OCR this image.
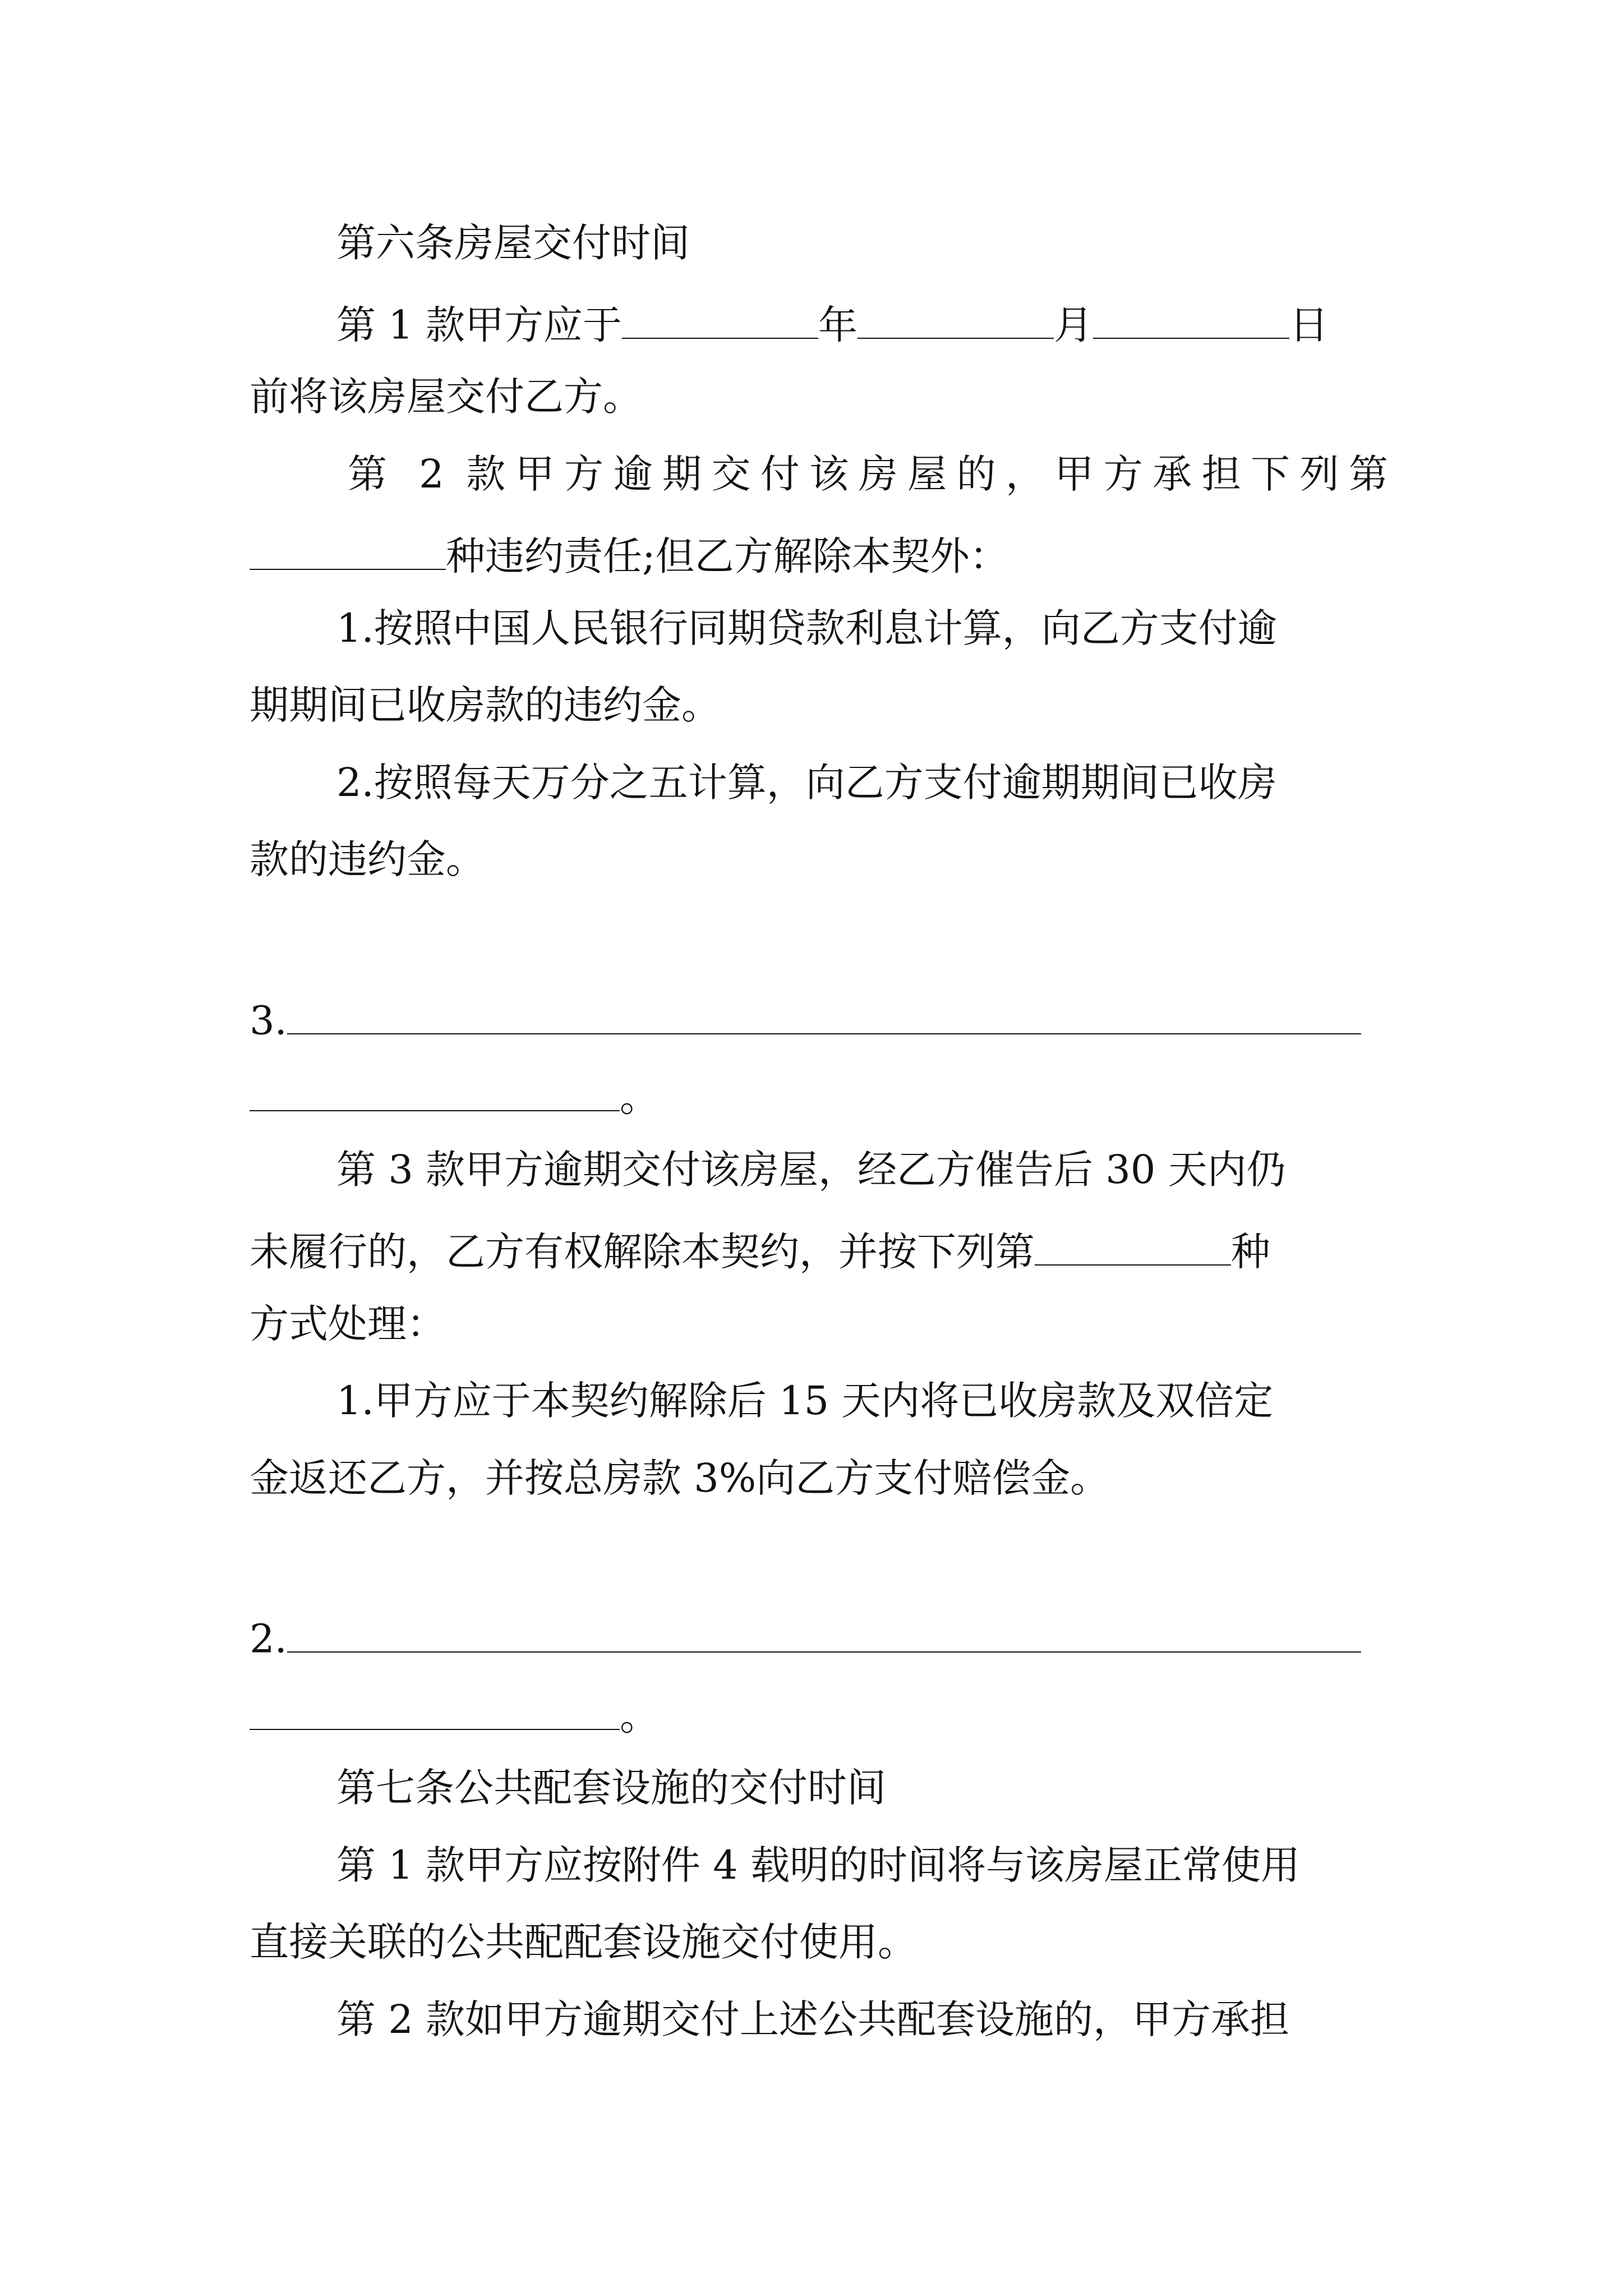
第六条房屋交付时间
第 1 款甲方应于	年	月	日
前将该房屋交付乙方。
第 2 款甲方逾期交付该房屋的，甲方承担下列第
种违约责任;但乙方解除本契外：
1.按照中国人民银行同期贷款利息计算，向乙方支付逾
期期间已收房款的违约金。
2.按照每天万分之五计算，向乙方支付逾期期间已收房
款的违约金。
3.
。
第 3 款甲方逾期交付该房屋，经乙方催告后 30 天内仍
未履行的，乙方有权解除本契约，并按下列第	种
方式处理：
1.甲方应于本契约解除后 15 天内将已收房款及双倍定
金返还乙方，并按总房款 3%向乙方支付赔偿金。
2.
。
第七条公共配套设施的交付时间
第 1 款甲方应按附件 4 载明的时间将与该房屋正常使用
直接关联的公共配配套设施交付使用。
第 2 款如甲方逾期交付上述公共配套设施的，甲方承担
